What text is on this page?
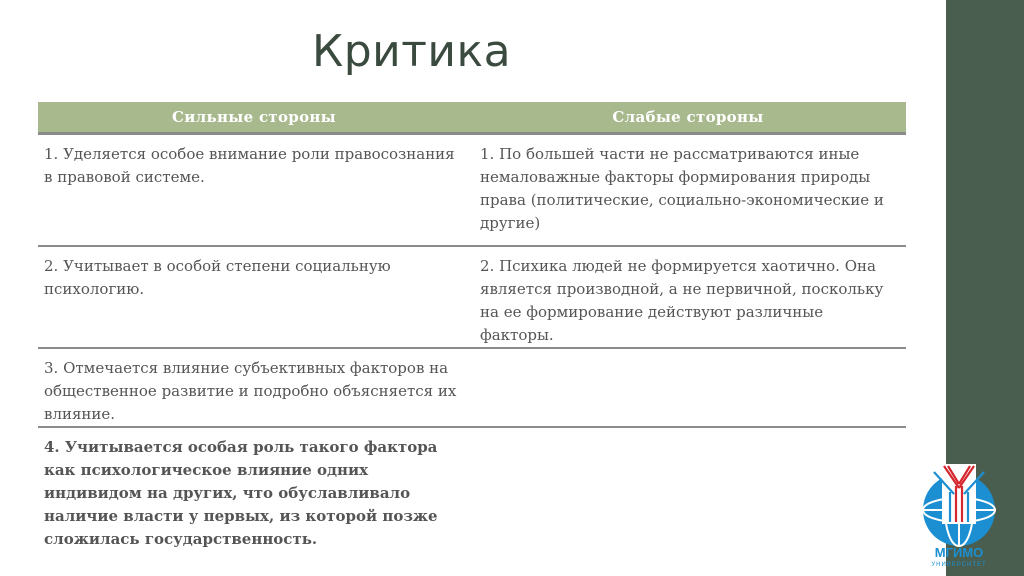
Критика
Сильные стороны	Слабые стороны
1. Уделяется особое внимание роли правосознания в правовой системе.	1. По большей части не рассматриваются иные немаловажные факторы формирования природы права (политические, социально-экономические и другие)
2. Учитывает в особой степени социальную психологию.	2. Психика людей не формируется хаотично. Она является производной, а не первичной, поскольку на ее формирование действуют различные факторы.
3. Отмечается влияние субъективных факторов на общественное развитие и подробно объясняется их влияние.	
4. Учитывается особая роль такого фактора как психологическое влияние одних индивидом на других, что обуславливало наличие власти у первых, из которой позже сложилась государственность.	
МГИМО
УНИВЕРСИТЕТ
